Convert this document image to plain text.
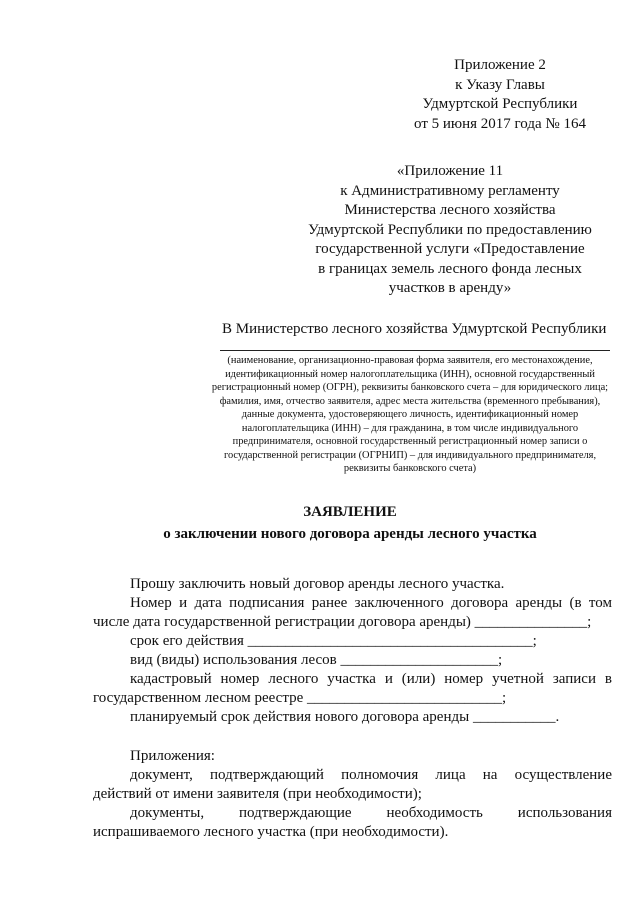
Приложение 2
к Указу Главы
Удмуртской Республики
от 5 июня 2017 года № 164
«Приложение 11
к Административному регламенту
Министерства лесного хозяйства
Удмуртской Республики по предоставлению
государственной услуги «Предоставление
в границах земель лесного фонда лесных
участков в аренду»
В Министерство лесного хозяйства Удмуртской Республики
(наименование, организационно-правовая форма заявителя, его местонахождение,
идентификационный номер налогоплательщика (ИНН), основной государственный
регистрационный номер (ОГРН), реквизиты банковского счета – для юридического лица;
фамилия, имя, отчество заявителя, адрес места жительства (временного пребывания),
данные документа, удостоверяющего личность, идентификационный номер
налогоплательщика (ИНН) – для гражданина, в том числе индивидуального
предпринимателя, основной государственный регистрационный номер записи о
государственной регистрации (ОГРНИП) – для индивидуального предпринимателя,
реквизиты банковского счета)
ЗАЯВЛЕНИЕ
о заключении нового договора аренды лесного участка
Прошу заключить новый договор аренды лесного участка.
Номер и дата подписания ранее заключенного договора аренды (в том
числе дата государственной регистрации договора аренды) _______________;
срок его действия ______________________________________;
вид (виды) использования лесов _____________________;
кадастровый номер лесного участка и (или) номер учетной записи в
государственном лесном реестре __________________________;
планируемый срок действия нового договора аренды ___________.
Приложения:
документ, подтверждающий полномочия лица на осуществление
действий от имени заявителя (при необходимости);
документы, подтверждающие необходимость использования
испрашиваемого лесного участка (при необходимости).
